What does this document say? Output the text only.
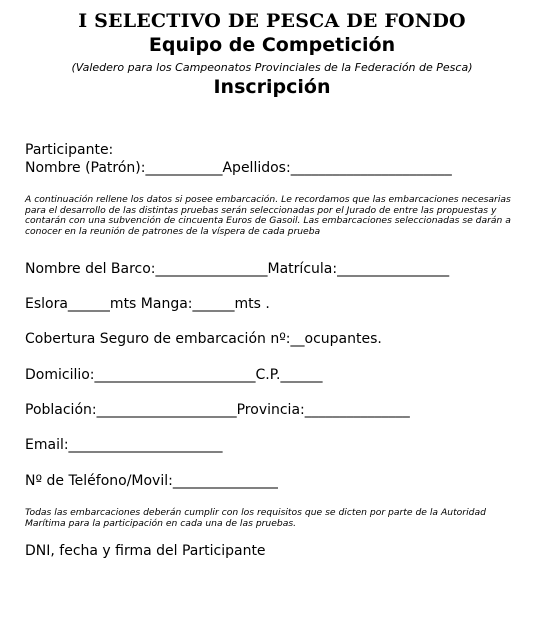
I SELECTIVO DE PESCA DE FONDO
Equipo de Competición
(Valedero para los Campeonatos Provinciales de la Federación de Pesca)
Inscripción
Participante:
Nombre (Patrón):___________Apellidos:_______________________
A continuación rellene los datos si posee embarcación. Le recordamos que las embarcaciones necesarias
para el desarrollo de las distintas pruebas serán seleccionadas por el Jurado de entre las propuestas y
contarán con una subvención de cincuenta Euros de Gasoil. Las embarcaciones seleccionadas se darán a
conocer en la reunión de patrones de la víspera de cada prueba
Nombre del Barco:________________Matrícula:________________
Eslora______mts Manga:______mts .
Cobertura Seguro de embarcación nº:__ocupantes.
Domicilio:_______________________C.P.______
Población:____________________Provincia:_______________
Email:______________________
Nº de Teléfono/Movil:_______________
Todas las embarcaciones deberán cumplir con los requisitos que se dicten por parte de la Autoridad
Marítima para la participación en cada una de las pruebas.
DNI, fecha y firma del Participante
